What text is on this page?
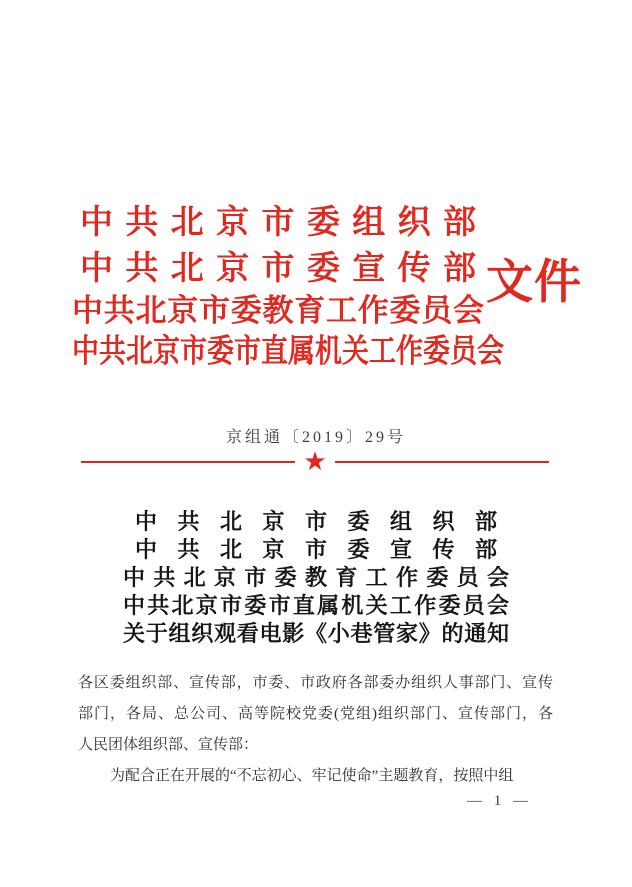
中共北京市委组织部
中共北京市委宣传部
中共北京市委教育工作委员会
中共北京市委市直属机关工作委员会
文件
京组通〔2019〕29号
★
中共北京市委组织部
中共北京市委宣传部
中共北京市委教育工作委员会
中共北京市委市直属机关工作委员会
关于组织观看电影《小巷管家》的通知
各区委组织部、宣传部，市委、市政府各部委办组织人事部门、宣传
部门，各局、总公司、高等院校党委(党组)组织部门、宣传部门，各
人民团体组织部、宣传部：
为配合正在开展的“不忘初心、牢记使命”主题教育，按照中组
— 1 —
